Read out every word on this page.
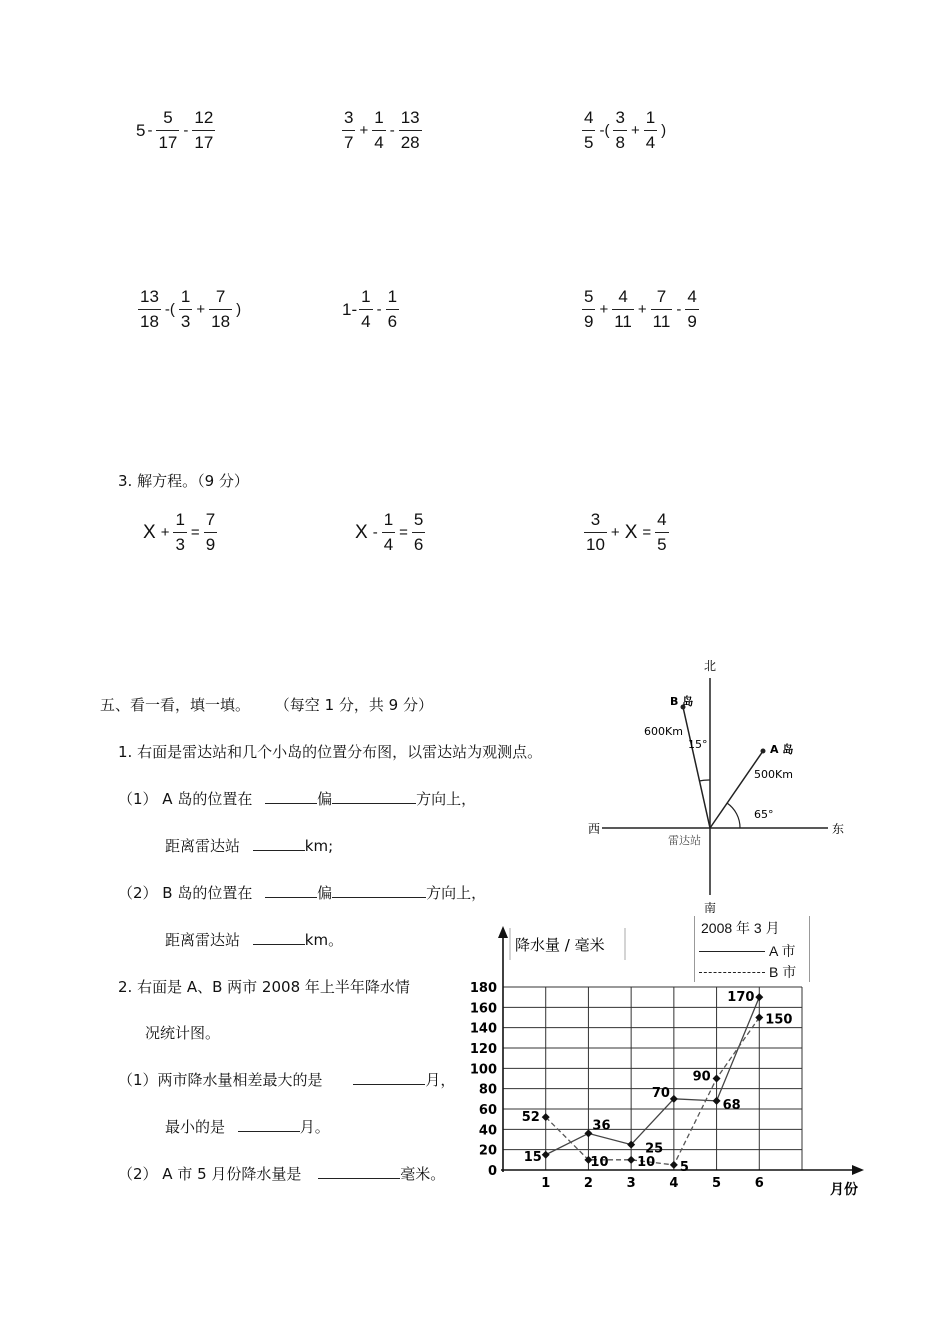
$5 - \frac{5}{17} - \frac{12}{17}$	$\frac{3}{7} + \frac{1}{4} - \frac{13}{28}$	$\frac{4}{5}$ -( $\frac{3}{8} + \frac{1}{4}$ )
$\frac{13}{18}$ -( $\frac{1}{3} + \frac{7}{18}$ )	$1- \frac{1}{4} - \frac{1}{6}$	$\frac{5}{9} + \frac{4}{11} + \frac{7}{11} - \frac{4}{9}$
3. 解方程。（9 分）
$X + \frac{1}{3} = \frac{7}{9}$	$X - \frac{1}{4} = \frac{5}{6}$	$\frac{3}{10} + X = \frac{4}{5}$
五、看一看，填一填。 （每空 1 分，共 9 分）
1. 右面是雷达站和几个小岛的位置分布图，以雷达站为观测点。
（1） A 岛的位置在	偏	方向上，
距离雷达站	km;
（2） B 岛的位置在	偏	方向上，
距离雷达站	km。
2. 右面是 A、B 两市 2008 年上半年降水情
况统计图。
（1）两市降水量相差最大的是	月，
最小的是	月。
（2） A 市 5 月份降水量是	毫米。
北
南
西	东
雷达站
B 岛
600Km
15°	A 岛
500Km
65°
2008 年 3 月
A 市
B 市
降水量 / 毫米
月份
0
20
40
60
80
100
120
140
160
180
1	2	3	4	5	6
15
36
25
70
68
170
52
10 10 5
90
150
